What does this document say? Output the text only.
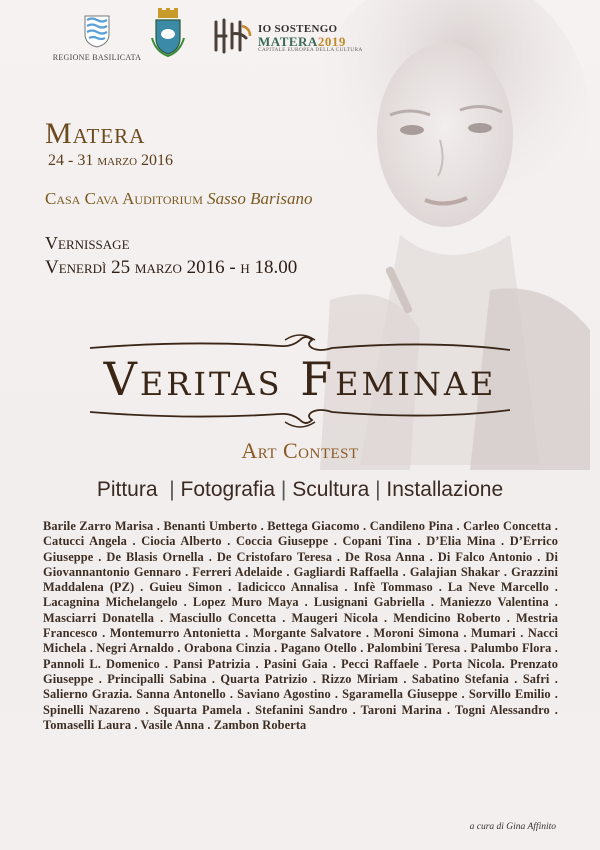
REGIONE BASILICATA
IO SOSTENGO
MATERA2019
CAPITALE EUROPEA DELLA CULTURA
Matera
24 - 31 marzo 2016
Casa Cava Auditorium Sasso Barisano
Vernissage
Venerdì 25 marzo 2016 - h 18.00
Veritas Feminae
Art Contest
Pittura  | Fotografia | Scultura | Installazione
Barile Zarro Marisa . Benanti Umberto . Bettega Giacomo . Candileno Pina . Carleo Concetta . Catucci Angela . Ciocia Alberto . Coccia Giuseppe . Copani Tina . D’Elia Mina . D’Errico Giuseppe . De Blasis Ornella . De Cristofaro Teresa . De Rosa Anna . Di Falco Antonio . Di Giovannantonio Gennaro . Ferreri Adelaide . Gagliardi Raffaella . Galajian Shakar . Grazzini Maddalena (PZ) . Guieu Simon . Iadicicco Annalisa . Infè Tommaso . La Neve Marcello . Lacagnina Michelangelo . Lopez Muro Maya . Lusignani Gabriella . Maniezzo Valentina . Masciarri Donatella . Masciullo Concetta . Maugeri Nicola . Mendicino Roberto . Mestria Francesco . Montemurro Antonietta . Morgante Salvatore . Moroni Simona . Mumari . Nacci Michela . Negri Arnaldo . Orabona Cinzia . Pagano Otello . Palombini Teresa . Palumbo Flora . Pannoli L. Domenico . Pansi Patrizia . Pasini Gaia . Pecci Raffaele . Porta Nicola. Prenzato Giuseppe . Principalli Sabina . Quarta Patrizio . Rizzo Miriam . Sabatino Stefania . Safri . Salierno Grazia. Sanna Antonello . Saviano Agostino . Sgaramella Giuseppe . Sorvillo Emilio . Spinelli Nazareno . Squarta Pamela . Stefanini Sandro . Taroni Marina . Togni Alessandro . Tomaselli Laura . Vasile Anna . Zambon Roberta
a cura di Gina Affinito
